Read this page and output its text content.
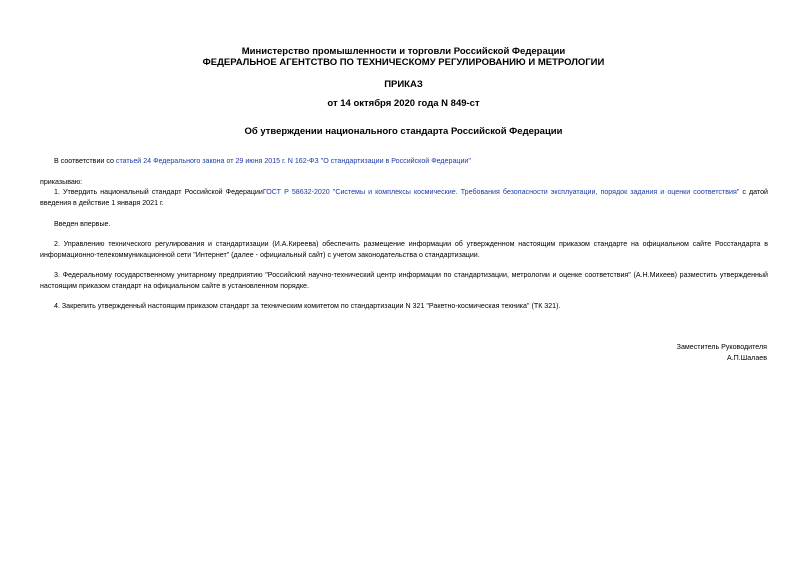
Министерство промышленности и торговли Российской Федерации
ФЕДЕРАЛЬНОЕ АГЕНТСТВО ПО ТЕХНИЧЕСКОМУ РЕГУЛИРОВАНИЮ И МЕТРОЛОГИИ
ПРИКАЗ
от 14 октября 2020 года N 849-ст
Об утверждении национального стандарта Российской Федерации
В соответствии со статьей 24 Федерального закона от 29 июня 2015 г. N 162-ФЗ "О стандартизации в Российской Федерации"
приказываю:
1. Утвердить национальный стандарт Российской ФедерацииГОСТ Р 58632-2020 "Системы и комплексы космические. Требования безопасности эксплуатации, порядок задания и оценки соответствия" с датой введения в действие 1 января 2021 г.
Введен впервые.
2. Управлению технического регулирования и стандартизации (И.А.Киреева) обеспечить размещение информации об утвержденном настоящим приказом стандарте на официальном сайте Росстандарта в информационно-телекоммуникационной сети "Интернет" (далее - официальный сайт) с учетом законодательства о стандартизации.
3. Федеральному государственному унитарному предприятию "Российский научно-технический центр информации по стандартизации, метрологии и оценке соответствия" (А.Н.Михеев) разместить утвержденный настоящим приказом стандарт на официальном сайте в установленном порядке.
4. Закрепить утвержденный настоящим приказом стандарт за техническим комитетом по стандартизации N 321 "Ракетно-космическая техника" (ТК 321).
Заместитель Руководителя
А.П.Шалаев
